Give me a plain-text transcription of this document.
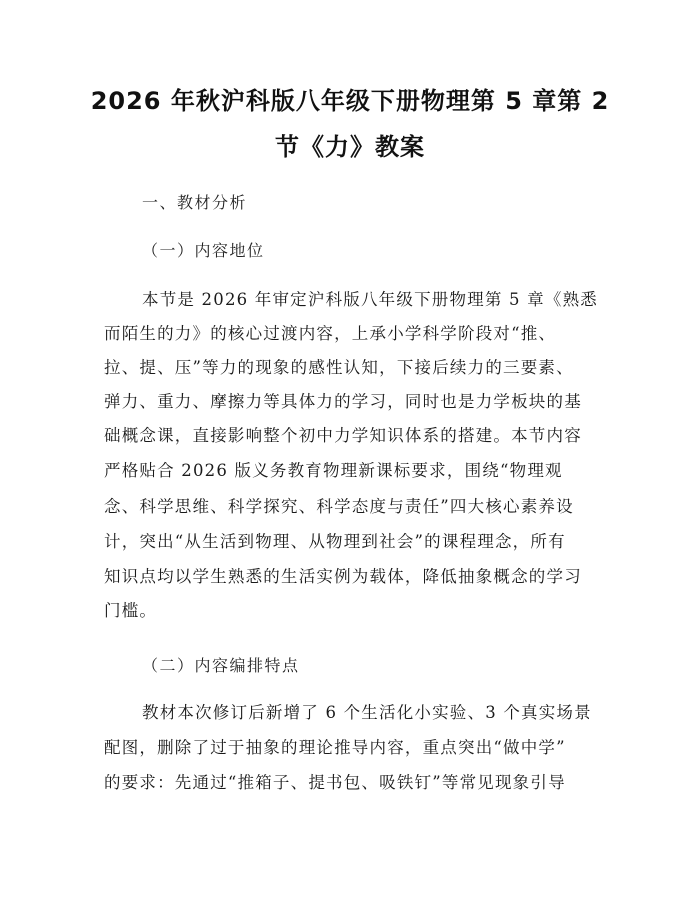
2026 年秋沪科版八年级下册物理第 5 章第 2
节《力》教案
一、教材分析
（一）内容地位
本节是 2026 年审定沪科版八年级下册物理第 5 章《熟悉
而陌生的力》的核心过渡内容，上承小学科学阶段对“推、
拉、提、压”等力的现象的感性认知，下接后续力的三要素、
弹力、重力、摩擦力等具体力的学习，同时也是力学板块的基
础概念课，直接影响整个初中力学知识体系的搭建。本节内容
严格贴合 2026 版义务教育物理新课标要求，围绕“物理观
念、科学思维、科学探究、科学态度与责任”四大核心素养设
计，突出“从生活到物理、从物理到社会”的课程理念，所有
知识点均以学生熟悉的生活实例为载体，降低抽象概念的学习
门槛。
（二）内容编排特点
教材本次修订后新增了 6 个生活化小实验、3 个真实场景
配图，删除了过于抽象的理论推导内容，重点突出“做中学”
的要求：先通过“推箱子、提书包、吸铁钉”等常见现象引导
